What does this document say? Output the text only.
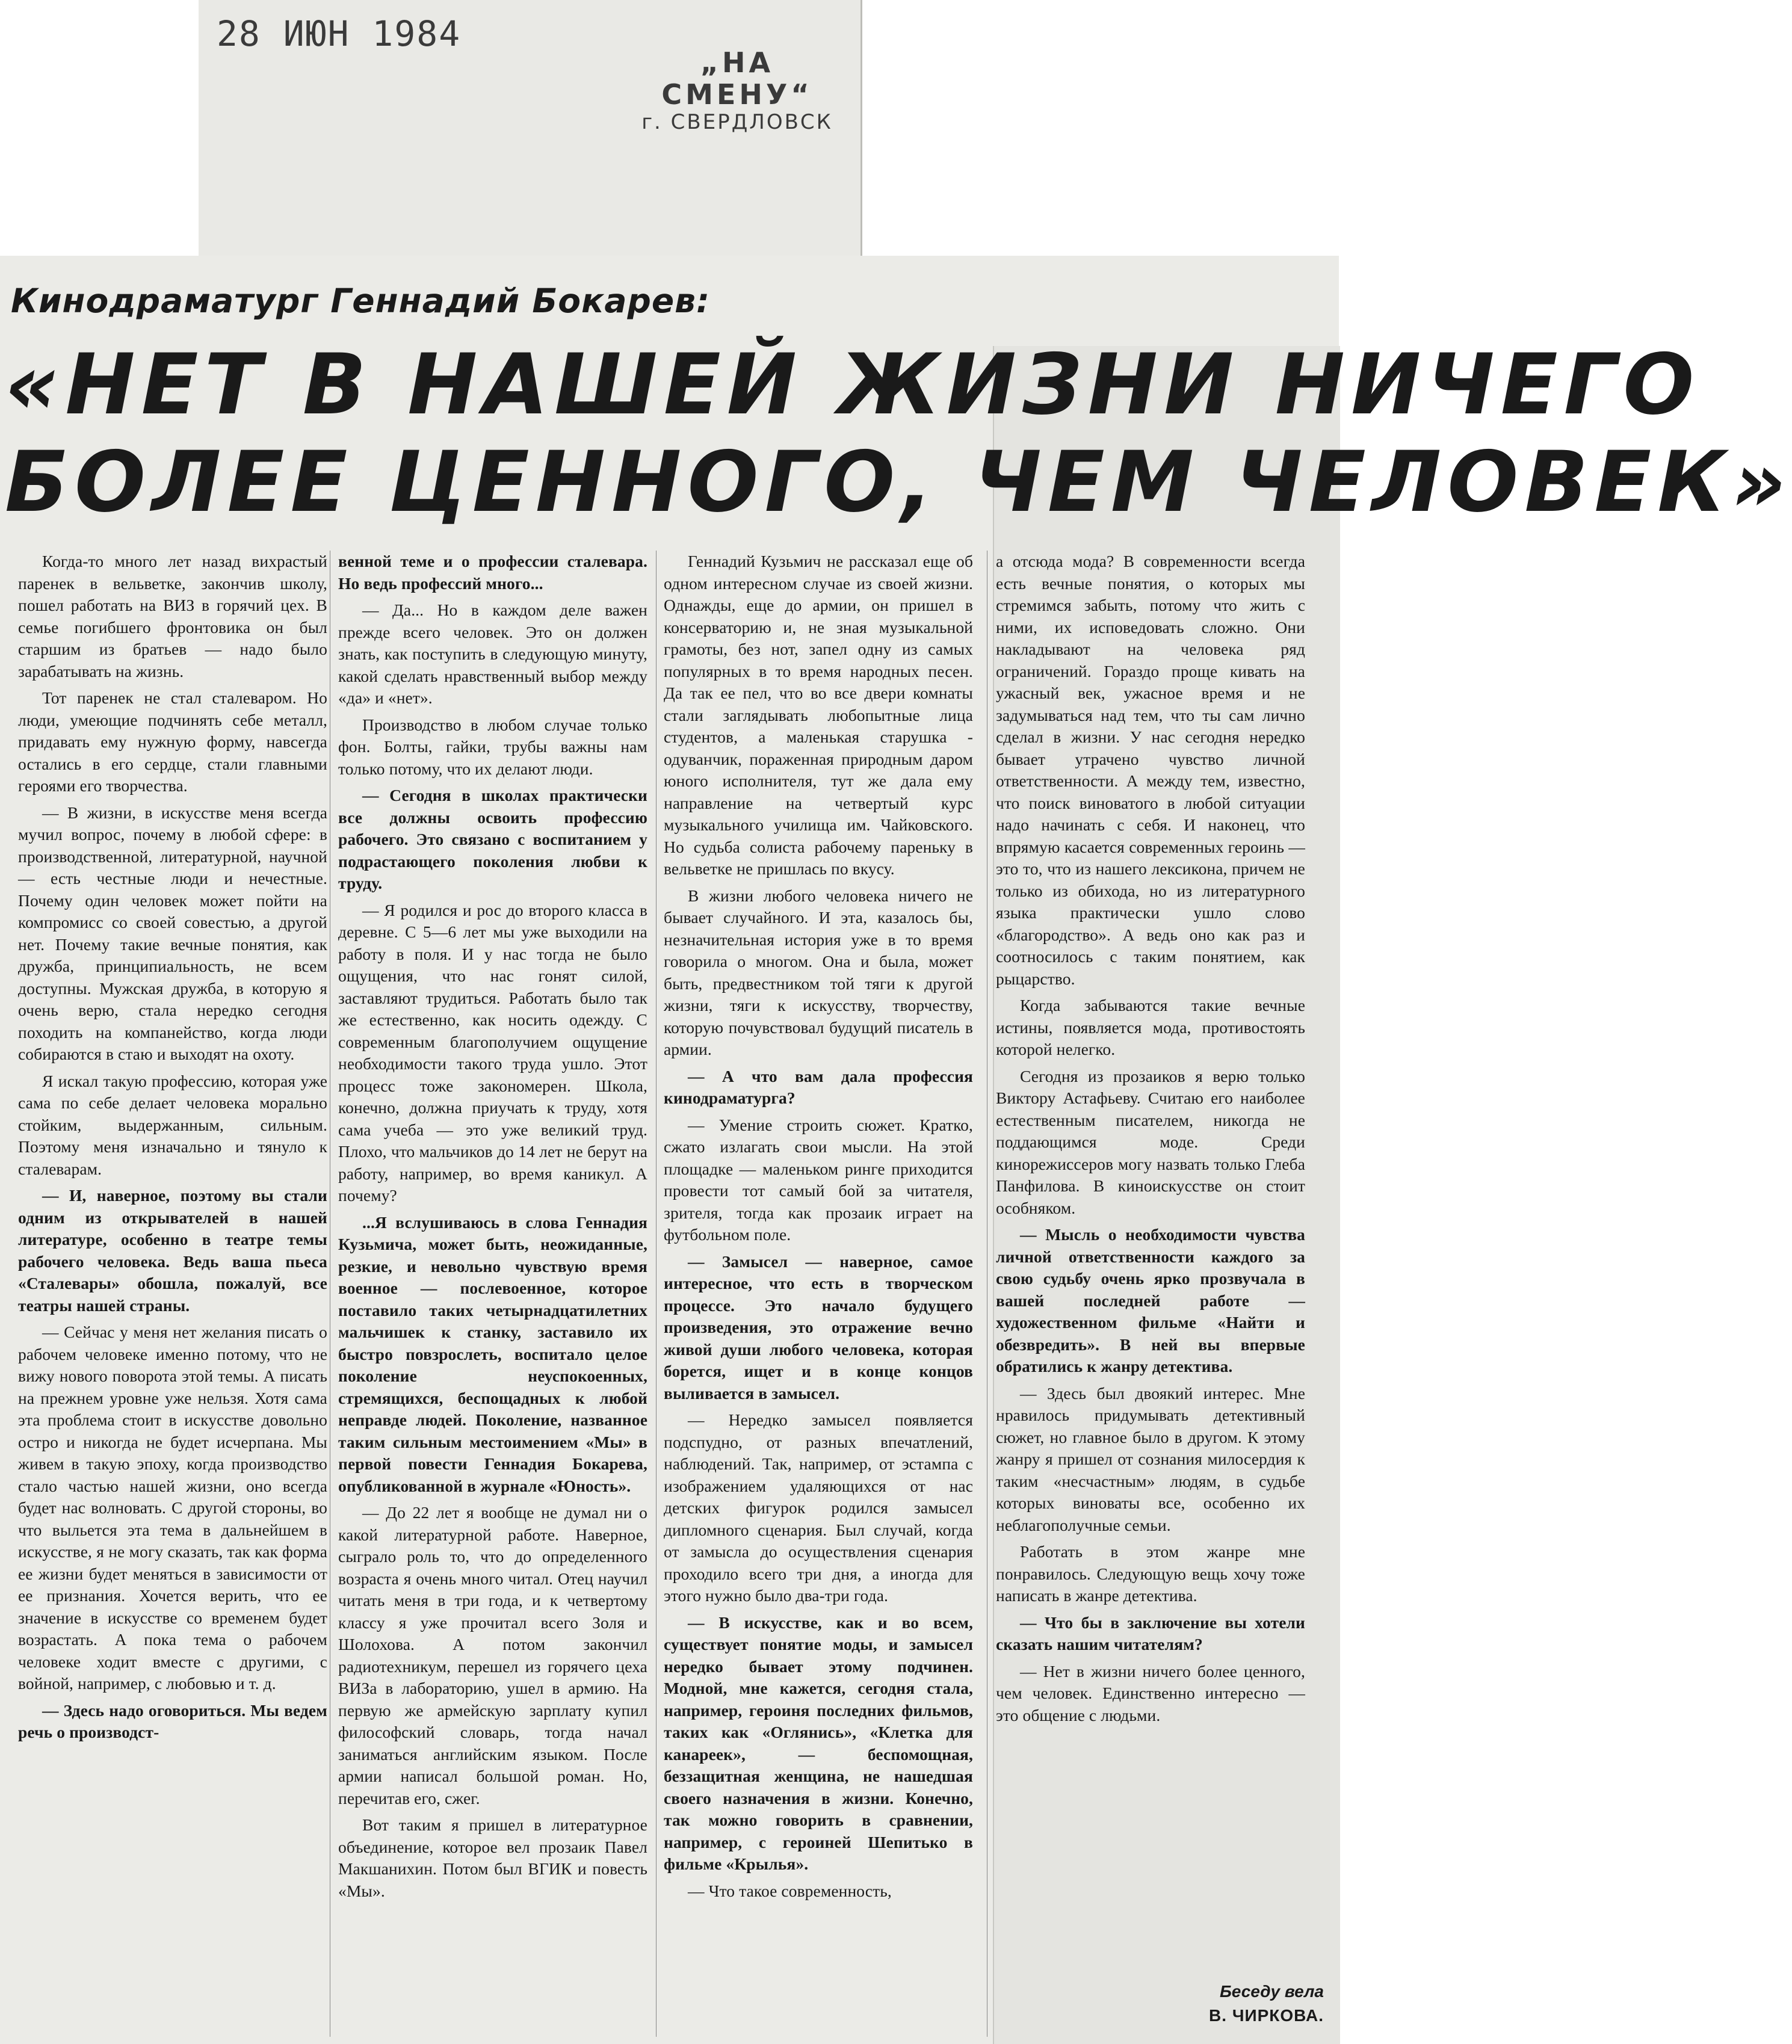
28 ИЮН 1984
„НА СМЕНУ“
г. СВЕРДЛОВСК
Кинодраматург Геннадий Бокарев:
«НЕТ В НАШЕЙ ЖИЗНИ НИЧЕГО
БОЛЕЕ ЦЕННОГО, ЧЕМ ЧЕЛОВЕК»

Когда-то много лет назад вихрастый паренек в вельветке, закончив школу, пошел работать на ВИЗ в горячий цех. В семье погибшего фронтовика он был старшим из братьев — надо было зарабатывать на жизнь.

Тот паренек не стал сталеваром. Но люди, умеющие подчинять себе металл, придавать ему нужную форму, навсегда остались в его сердце, стали главными героями его творчества.

— В жизни, в искусстве меня всегда мучил вопрос, почему в любой сфере: в производственной, литературной, научной — есть честные люди и нечестные. Почему один человек может пойти на компромисс со своей совестью, а другой нет. Почему такие вечные понятия, как дружба, принципиальность, не всем доступны. Мужская дружба, в которую я очень верю, стала нередко сегодня походить на компанейство, когда люди собираются в стаю и выходят на охоту.

Я искал такую профессию, которая уже сама по себе делает человека морально стойким, выдержанным, сильным. Поэтому меня изначально и тянуло к сталеварам.

— И, наверное, поэтому вы стали одним из открывателей в нашей литературе, особенно в театре темы рабочего человека. Ведь ваша пьеса «Сталевары» обошла, пожалуй, все театры нашей страны.

— Сейчас у меня нет желания писать о рабочем человеке именно потому, что не вижу нового поворота этой темы. А писать на прежнем уровне уже нельзя. Хотя сама эта проблема стоит в искусстве довольно остро и никогда не будет исчерпана. Мы живем в такую эпоху, когда производство стало частью нашей жизни, оно всегда будет нас волновать. С другой стороны, во что выльется эта тема в дальнейшем в искусстве, я не могу сказать, так как форма ее жизни будет меняться в зависимости от ее признания. Хочется верить, что ее значение в искусстве со временем будет возрастать. А пока тема о рабочем человеке ходит вместе с другими, с войной, например, с любовью и т. д.

— Здесь надо оговориться. Мы ведем речь о производст-

венной теме и о профессии сталевара. Но ведь профессий много...

— Да... Но в каждом деле важен прежде всего человек. Это он должен знать, как поступить в следующую минуту, какой сделать нравственный выбор между «да» и «нет».

Производство в любом случае только фон. Болты, гайки, трубы важны нам только потому, что их делают люди.

— Сегодня в школах практически все должны освоить профессию рабочего. Это связано с воспитанием у подрастающего поколения любви к труду.

— Я родился и рос до второго класса в деревне. С 5—6 лет мы уже выходили на работу в поля. И у нас тогда не было ощущения, что нас гонят силой, заставляют трудиться. Работать было так же естественно, как носить одежду. С современным благополучием ощущение необходимости такого труда ушло. Этот процесс тоже закономерен. Школа, конечно, должна приучать к труду, хотя сама учеба — это уже великий труд. Плохо, что мальчиков до 14 лет не берут на работу, например, во время каникул. А почему?

...Я вслушиваюсь в слова Геннадия Кузьмича, может быть, неожиданные, резкие, и невольно чувствую время военное — послевоенное, которое поставило таких четырнадцатилетних мальчишек к станку, заставило их быстро повзрослеть, воспитало целое поколение неуспокоенных, стремящихся, беспощадных к любой неправде людей. Поколение, названное таким сильным местоимением «Мы» в первой повести Геннадия Бокарева, опубликованной в журнале «Юность».

— До 22 лет я вообще не думал ни о какой литературной работе. Наверное, сыграло роль то, что до определенного возраста я очень много читал. Отец научил читать меня в три года, и к четвертому классу я уже прочитал всего Золя и Шолохова. А потом закончил радиотехникум, перешел из горячего цеха ВИЗа в лабораторию, ушел в армию. На первую же армейскую зарплату купил философский словарь, тогда начал заниматься английским языком. После армии написал большой роман. Но, перечитав его, сжег.

Вот таким я пришел в литературное объединение, которое вел прозаик Павел Макшанихин. Потом был ВГИК и повесть «Мы».

Геннадий Кузьмич не рассказал еще об одном интересном случае из своей жизни. Однажды, еще до армии, он пришел в консерваторию и, не зная музыкальной грамоты, без нот, запел одну из самых популярных в то время народных песен. Да так ее пел, что во все двери комнаты стали заглядывать любопытные лица студентов, а маленькая старушка - одуванчик, пораженная природным даром юного исполнителя, тут же дала ему направление на четвертый курс музыкального училища им. Чайковского. Но судьба солиста рабочему пареньку в вельветке не пришлась по вкусу.

В жизни любого человека ничего не бывает случайного. И эта, казалось бы, незначительная история уже в то время говорила о многом. Она и была, может быть, предвестником той тяги к другой жизни, тяги к искусству, творчеству, которую почувствовал будущий писатель в армии.

— А что вам дала профессия кинодраматурга?

— Умение строить сюжет. Кратко, сжато излагать свои мысли. На этой площадке — маленьком ринге приходится провести тот самый бой за читателя, зрителя, тогда как прозаик играет на футбольном поле.

— Замысел — наверное, самое интересное, что есть в творческом процессе. Это начало будущего произведения, это отражение вечно живой души любого человека, которая борется, ищет и в конце концов выливается в замысел.

— Нередко замысел появляется подспудно, от разных впечатлений, наблюдений. Так, например, от эстампа с изображением удаляющихся от нас детских фигурок родился замысел дипломного сценария. Был случай, когда от замысла до осуществления сценария проходило всего три дня, а иногда для этого нужно было два-три года.

— В искусстве, как и во всем, существует понятие моды, и замысел нередко бывает этому подчинен. Модной, мне кажется, сегодня стала, например, героиня последних фильмов, таких как «Оглянись», «Клетка для канареек», — беспомощная, беззащитная женщина, не нашедшая своего назначения в жизни. Конечно, так можно говорить в сравнении, например, с героиней Шепитько в фильме «Крылья».

— Что такое современность,

а отсюда мода? В современности всегда есть вечные понятия, о которых мы стремимся забыть, потому что жить с ними, их исповедовать сложно. Они накладывают на человека ряд ограничений. Гораздо проще кивать на ужасный век, ужасное время и не задумываться над тем, что ты сам лично сделал в жизни. У нас сегодня нередко бывает утрачено чувство личной ответственности. А между тем, известно, что поиск виноватого в любой ситуации надо начинать с себя. И наконец, что впрямую касается современных героинь — это то, что из нашего лексикона, причем не только из обихода, но из литературного языка практически ушло слово «благородство». А ведь оно как раз и соотносилось с таким понятием, как рыцарство.

Когда забываются такие вечные истины, появляется мода, противостоять которой нелегко.

Сегодня из прозаиков я верю только Виктору Астафьеву. Считаю его наиболее естественным писателем, никогда не поддающимся моде. Среди кинорежиссеров могу назвать только Глеба Панфилова. В киноискусстве он стоит особняком.

— Мысль о необходимости чувства личной ответственности каждого за свою судьбу очень ярко прозвучала в вашей последней работе — художественном фильме «Найти и обезвредить». В ней вы впервые обратились к жанру детектива.

— Здесь был двоякий интерес. Мне нравилось придумывать детективный сюжет, но главное было в другом. К этому жанру я пришел от сознания милосердия к таким «несчастным» людям, в судьбе которых виноваты все, особенно их неблагополучные семьи.

Работать в этом жанре мне понравилось. Следующую вещь хочу тоже написать в жанре детектива.

— Что бы в заключение вы хотели сказать нашим читателям?

— Нет в жизни ничего более ценного, чем человек. Единственно интересно — это общение с людьми.

Беседу вела
В. ЧИРКОВА.
